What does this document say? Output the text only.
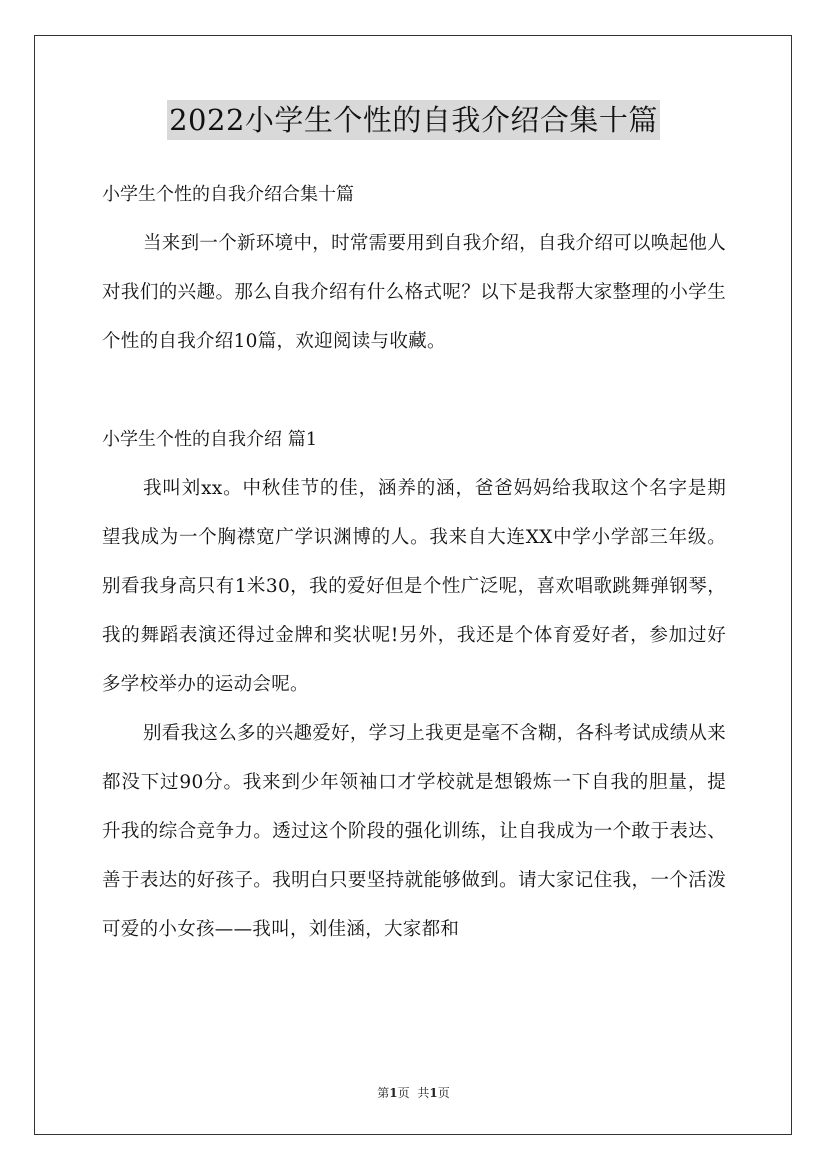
2022小学生个性的自我介绍合集十篇

小学生个性的自我介绍合集十篇

当来到一个新环境中，时常需要用到自我介绍，自我介绍可以唤起他人对我们的兴趣。那么自我介绍有什么格式呢？以下是我帮大家整理的小学生个性的自我介绍10篇，欢迎阅读与收藏。

小学生个性的自我介绍 篇1

我叫刘xx。中秋佳节的佳，涵养的涵，爸爸妈妈给我取这个名字是期望我成为一个胸襟宽广学识渊博的人。我来自大连XX中学小学部三年级。别看我身高只有1米30，我的爱好但是个性广泛呢，喜欢唱歌跳舞弹钢琴，我的舞蹈表演还得过金牌和奖状呢!另外，我还是个体育爱好者，参加过好多学校举办的运动会呢。

别看我这么多的兴趣爱好，学习上我更是毫不含糊，各科考试成绩从来都没下过90分。我来到少年领袖口才学校就是想锻炼一下自我的胆量，提升我的综合竞争力。透过这个阶段的强化训练，让自我成为一个敢于表达、善于表达的好孩子。我明白只要坚持就能够做到。请大家记住我，一个活泼可爱的小女孩——我叫，刘佳涵，大家都和

第1页 共1页
